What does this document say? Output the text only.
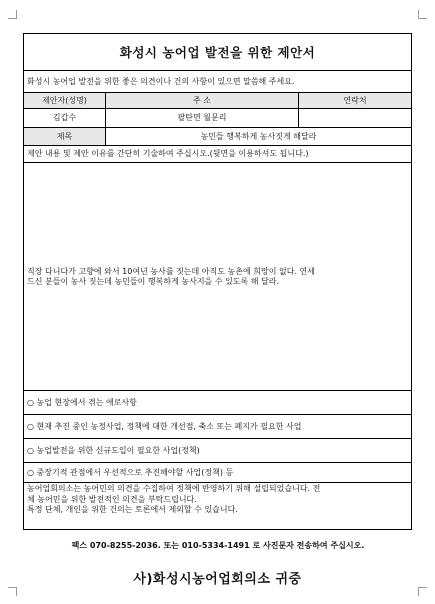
화성시 농어업 발전을 위한 제안서
화성시 농어업 발전을 위한 좋은 의견이나 건의 사항이 있으면 말씀해 주세요.
제안자(성명)	주 소	연락처
김갑수	팔탄면 월문리
제목	농민들 행복하게 농사짓게 해달라
제안 내용 및 제안 이유를 간단히 기술하여 주십시오.(뒷면을 이용하셔도 됩니다.)
직장 다니다가 고향에 와서 10여년 농사를 짓는데 아직도 농촌에 희망이 없다. 연세
드신 분들이 농사 짓는데 농민들이 행복하게 농사지을 수 있도록 해 달라.
○ 농업 현장에서 겪는 애로사항
○ 현재 추진 중인 농정사업, 정책에 대한 개선점, 축소 또는 폐지가 필요한 사업
○ 농업발전을 위한 신규도입이 필요한 사업(정책)
○ 중장기적 관점에서 우선적으로 추진해야할 사업(정책) 등
농어업회의소는 농어민의 의견을 수집하여 정책에 반영하기 위해 설립되었습니다. 전
체 농어민을 위한 발전적인 의견을 부탁드립니다.
특정 단체, 개인을 위한 건의는 토론에서 제외할 수 있습니다.
팩스 070-8255-2036. 또는 010-5334-1491 로 사진문자 전송하여 주십시오.
사)화성시농어업회의소 귀중
